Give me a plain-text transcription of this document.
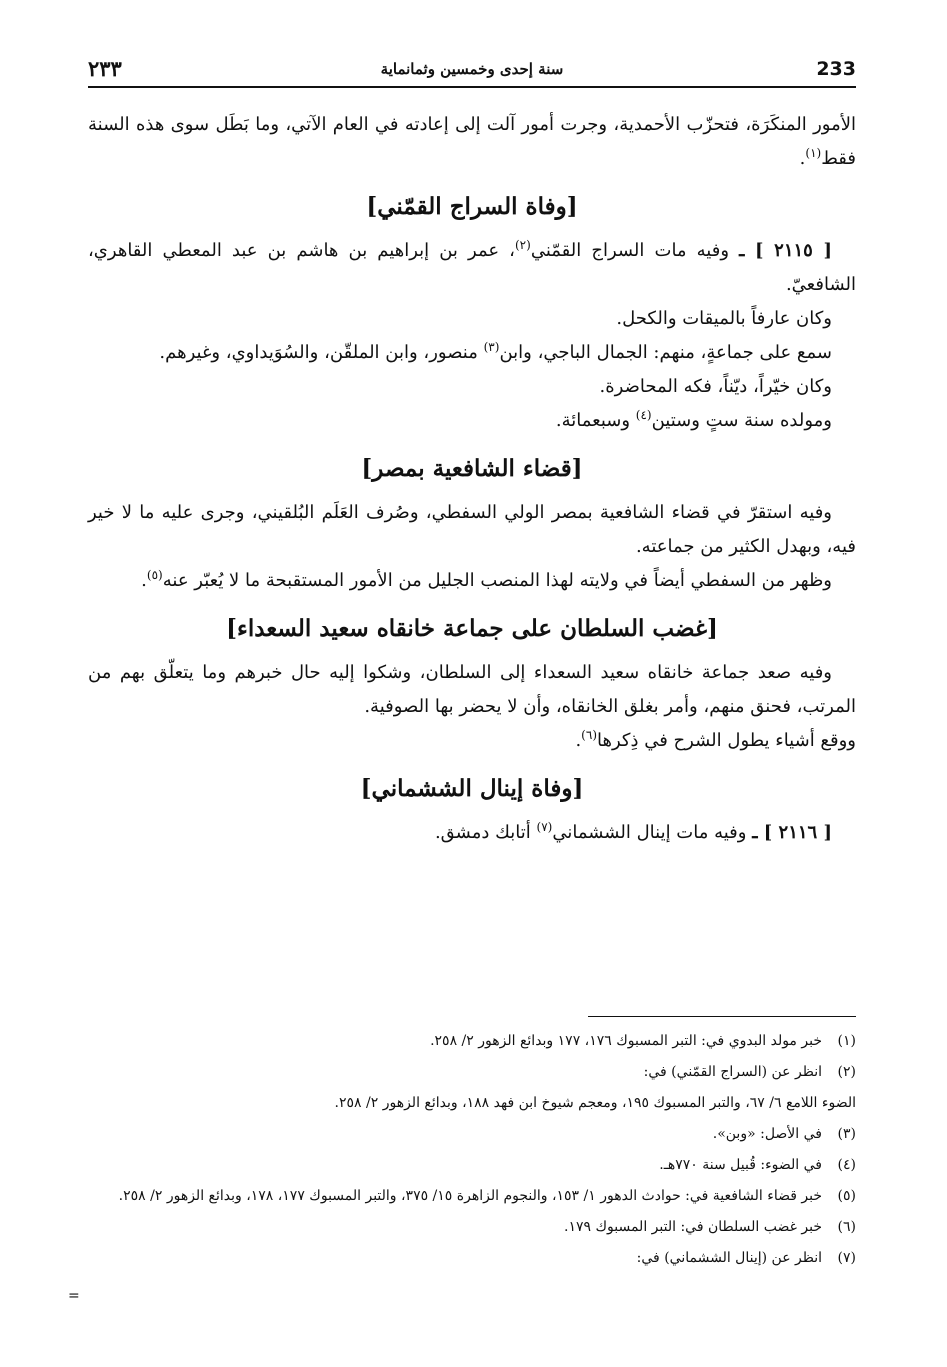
233
سنة إحدى وخمسين وثمانماية
٢٣٣

الأمور المنكَرَة، فتحزّب الأحمدية، وجرت أمور آلت إلى إعادته في العام الآتي، وما بَطَل سوى هذه السنة فقط$^{(١)}$.

[وفاة السراج القمّني]

[ ٢١١٥ ] ـ وفيه مات السراج القمّني$^{(٢)}$، عمر بن إبراهيم بن هاشم بن عبد المعطي القاهري، الشافعيّ.

وكان عارفاً بالميقات والكحل.

سمع على جماعةٍ، منهم: الجمال الباجي، وابن$^{(٣)}$ منصور، وابن الملقّن، والسُوَيداوي، وغيرهم.

وكان خيّراً، ديّناً، فكه المحاضرة.

ومولده سنة ستٍ وستين$^{(٤)}$ وسبعمائة.

[قضاء الشافعية بمصر]

وفيه استقرّ في قضاء الشافعية بمصر الولي السفطي، وصُرف العَلَم البُلقيني، وجرى عليه ما لا خير فيه، وبهدل الكثير من جماعته.

وظهر من السفطي أيضاً في ولايته لهذا المنصب الجليل من الأمور المستقبحة ما لا يُعبّر عنه$^{(٥)}$.

[غضب السلطان على جماعة خانقاه سعيد السعداء]

وفيه صعد جماعة خانقاه سعيد السعداء إلى السلطان، وشكوا إليه حال خبرهم وما يتعلّق بهم من المرتب، فحنق منهم، وأمر بغلق الخانقاه، وأن لا يحضر بها الصوفية.

ووقع أشياء يطول الشرح في ذِكرها$^{(٦)}$.

[وفاة إينال الششماني]

[ ٢١١٦ ] ـ وفيه مات إينال الششماني$^{(٧)}$ أتابك دمشق.

(١)
خبر مولد البدوي في: التبر المسبوك ١٧٦، ١٧٧ وبدائع الزهور ٢/ ٢٥٨.
(٢)
انظر عن (السراج القمّني) في:
الضوء اللامع ٦/ ٦٧، والتبر المسبوك ١٩٥، ومعجم شيوخ ابن فهد ١٨٨، وبدائع الزهور ٢/ ٢٥٨.
(٣)
في الأصل: «وبن».
(٤)
في الضوء: قُبيل سنة ٧٧٠هـ.
(٥)
خبر قضاء الشافعية في: حوادث الدهور ١/ ١٥٣، والنجوم الزاهرة ١٥/ ٣٧٥، والتبر المسبوك ١٧٧، ١٧٨، وبدائع الزهور ٢/ ٢٥٨.
(٦)
خبر غضب السلطان في: التبر المسبوك ١٧٩.
(٧)
انظر عن (إينال الششماني) في:
=
